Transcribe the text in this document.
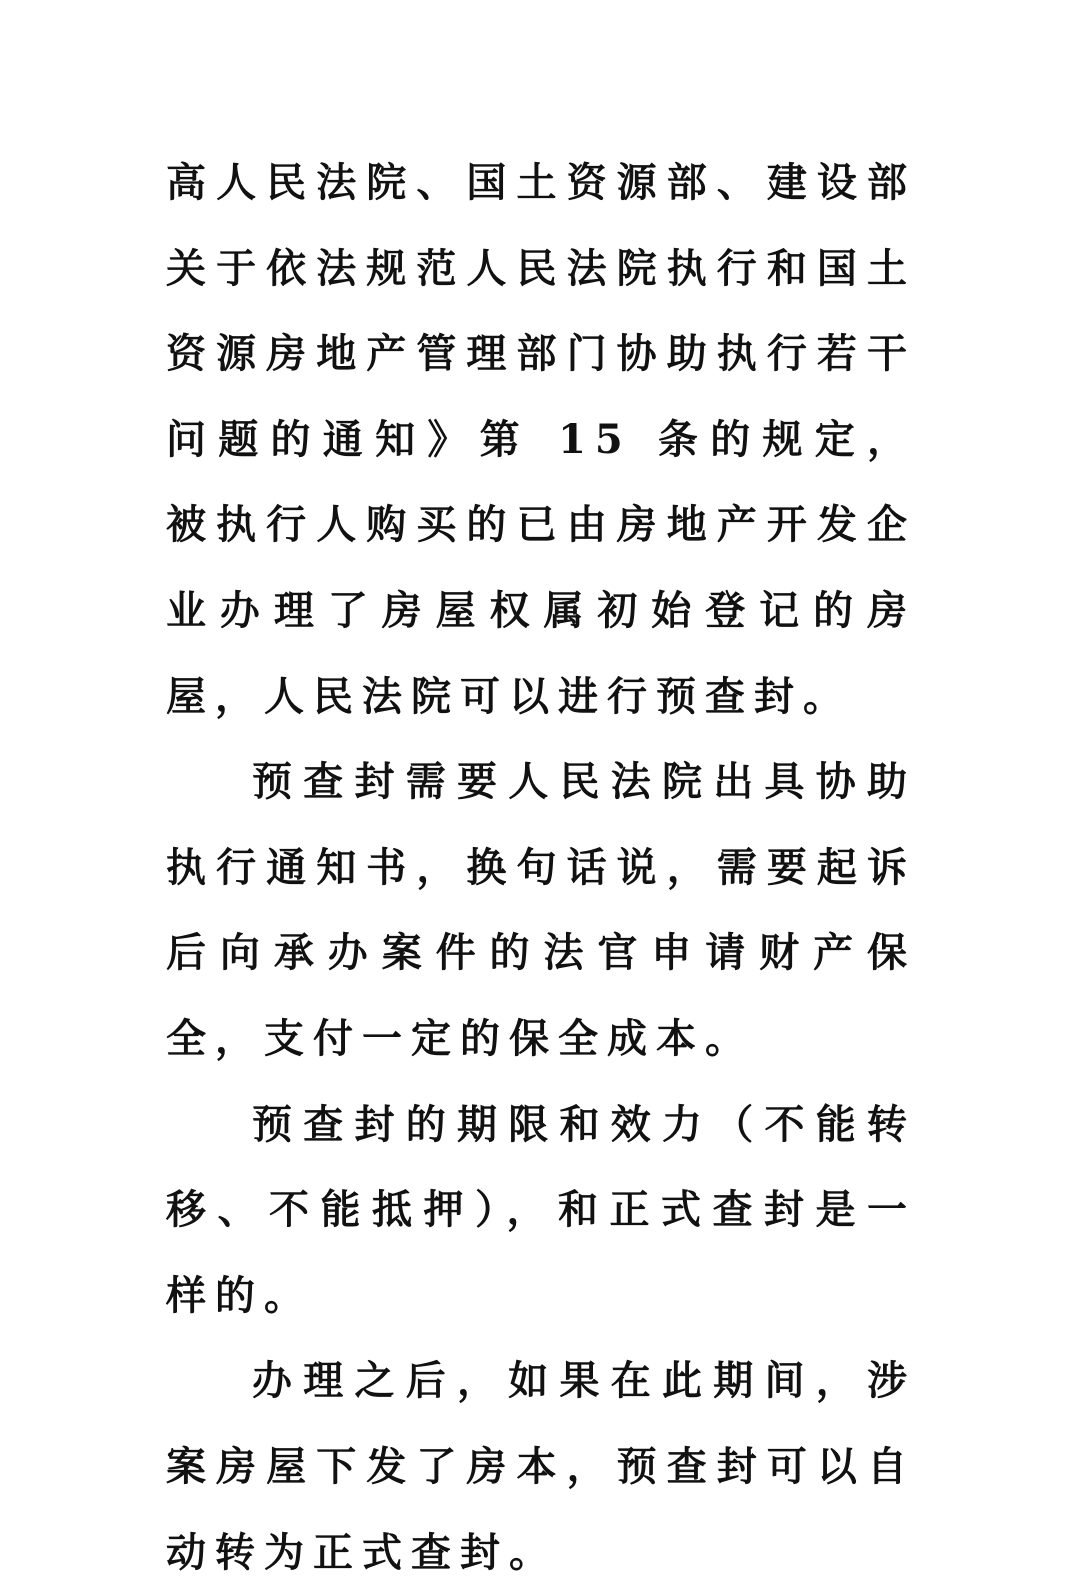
高人民法院、国土资源部、建设部关于依法规范人民法院执行和国土资源房地产管理部门协助执行若干问题的通知》第 15 条的规定，被执行人购买的已由房地产开发企业办理了房屋权属初始登记的房屋，人民法院可以进行预查封。

预查封需要人民法院出具协助执行通知书，换句话说，需要起诉后向承办案件的法官申请财产保全，支付一定的保全成本。

预查封的期限和效力（不能转移、不能抵押），和正式查封是一样的。

办理之后，如果在此期间，涉案房屋下发了房本，预查封可以自动转为正式查封。
